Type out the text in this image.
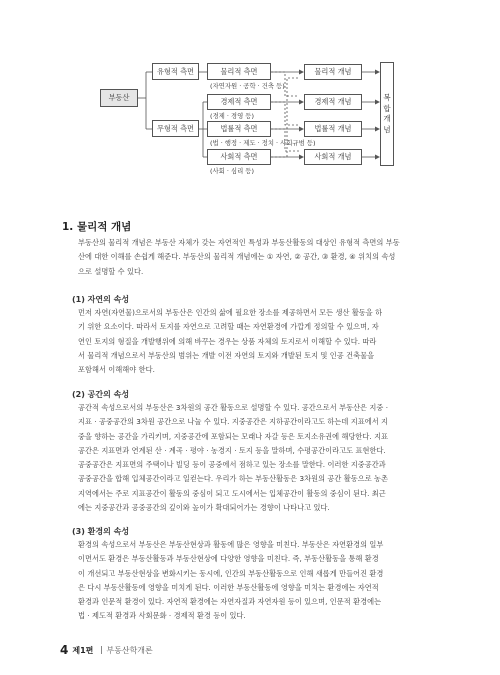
부동산
유형적 측면
무형적 측면
물리적 측면
(자연자원 · 공학 · 건축 등)
경제적 측면
(경제 · 경영 등)
법률적 측면
(법 · 행정 · 제도 · 정치 · 사회규범 등)
사회적 측면
(사회 · 심리 등)
물리적 개념
경제적 개념
법률적 개념
사회적 개념
복
합
개
념
1. 물리적 개념
부동산의 물리적 개념은 부동산 자체가 갖는 자연적인 특성과 부동산활동의 대상인 유형적 측면의 부동
산에 대한 이해를 손쉽게 해준다. 부동산의 물리적 개념에는 ① 자연, ② 공간, ③ 환경, ④ 위치의 속성
으로 설명할 수 있다.
(1) 자연의 속성
먼저 자연(자연물)으로서의 부동산은 인간의 삶에 필요한 장소를 제공하면서 모든 생산 활동을 하
기 위한 요소이다. 따라서 토지를 자연으로 고려할 때는 자연환경에 가깝게 정의할 수 있으며, 자
연인 토지의 형질을 개발행위에 의해 바꾸는 경우는 상품 자체의 토지로서 이해할 수 있다. 따라
서 물리적 개념으로서 부동산의 범위는 개발 이전 자연의 토지와 개발된 토지 및 인공 건축물을
포함해서 이해해야 한다.
(2) 공간의 속성
공간적 속성으로서의 부동산은 3차원의 공간 활동으로 설명할 수 있다. 공간으로서 부동산은 지중 ·
지표 · 공중공간의 3차원 공간으로 나눌 수 있다. 지중공간은 지하공간이라고도 하는데 지표에서 지
중을 향하는 공간을 가리키며, 지중공간에 포함되는 모래나 자갈 등은 토지소유권에 해당한다. 지표
공간은 지표면과 연계된 산 · 계곡 · 평야 · 농경지 · 토지 등을 말하며, 수평공간이라고도 표현한다.
공중공간은 지표면의 주택이나 빌딩 등이 공중에서 점하고 있는 장소를 말한다. 이러한 지중공간과
공중공간을 합해 입체공간이라고 일컫는다. 우리가 하는 부동산활동은 3차원의 공간 활동으로 농촌
지역에서는 주로 지표공간이 활동의 중심이 되고 도시에서는 입체공간이 활동의 중심이 된다. 최근
에는 지중공간과 공중공간의 깊이와 높이가 확대되어가는 경향이 나타나고 있다.
(3) 환경의 속성
환경의 속성으로서 부동산은 부동산현상과 활동에 많은 영향을 미친다. 부동산은 자연환경의 일부
이면서도 환경은 부동산활동과 부동산현상에 다양한 영향을 미친다. 즉, 부동산활동을 통해 환경
이 개선되고 부동산현상을 변화시키는 동시에, 인간의 부동산활동으로 인해 새롭게 만들어진 환경
은 다시 부동산활동에 영향을 미치게 된다. 이러한 부동산활동에 영향을 미치는 환경에는 자연적
환경과 인문적 환경이 있다. 자연적 환경에는 자연자질과 자연자원 등이 있으며, 인문적 환경에는
법 · 제도적 환경과 사회문화 · 경제적 환경 등이 있다.
4 제1편 부동산학개론
